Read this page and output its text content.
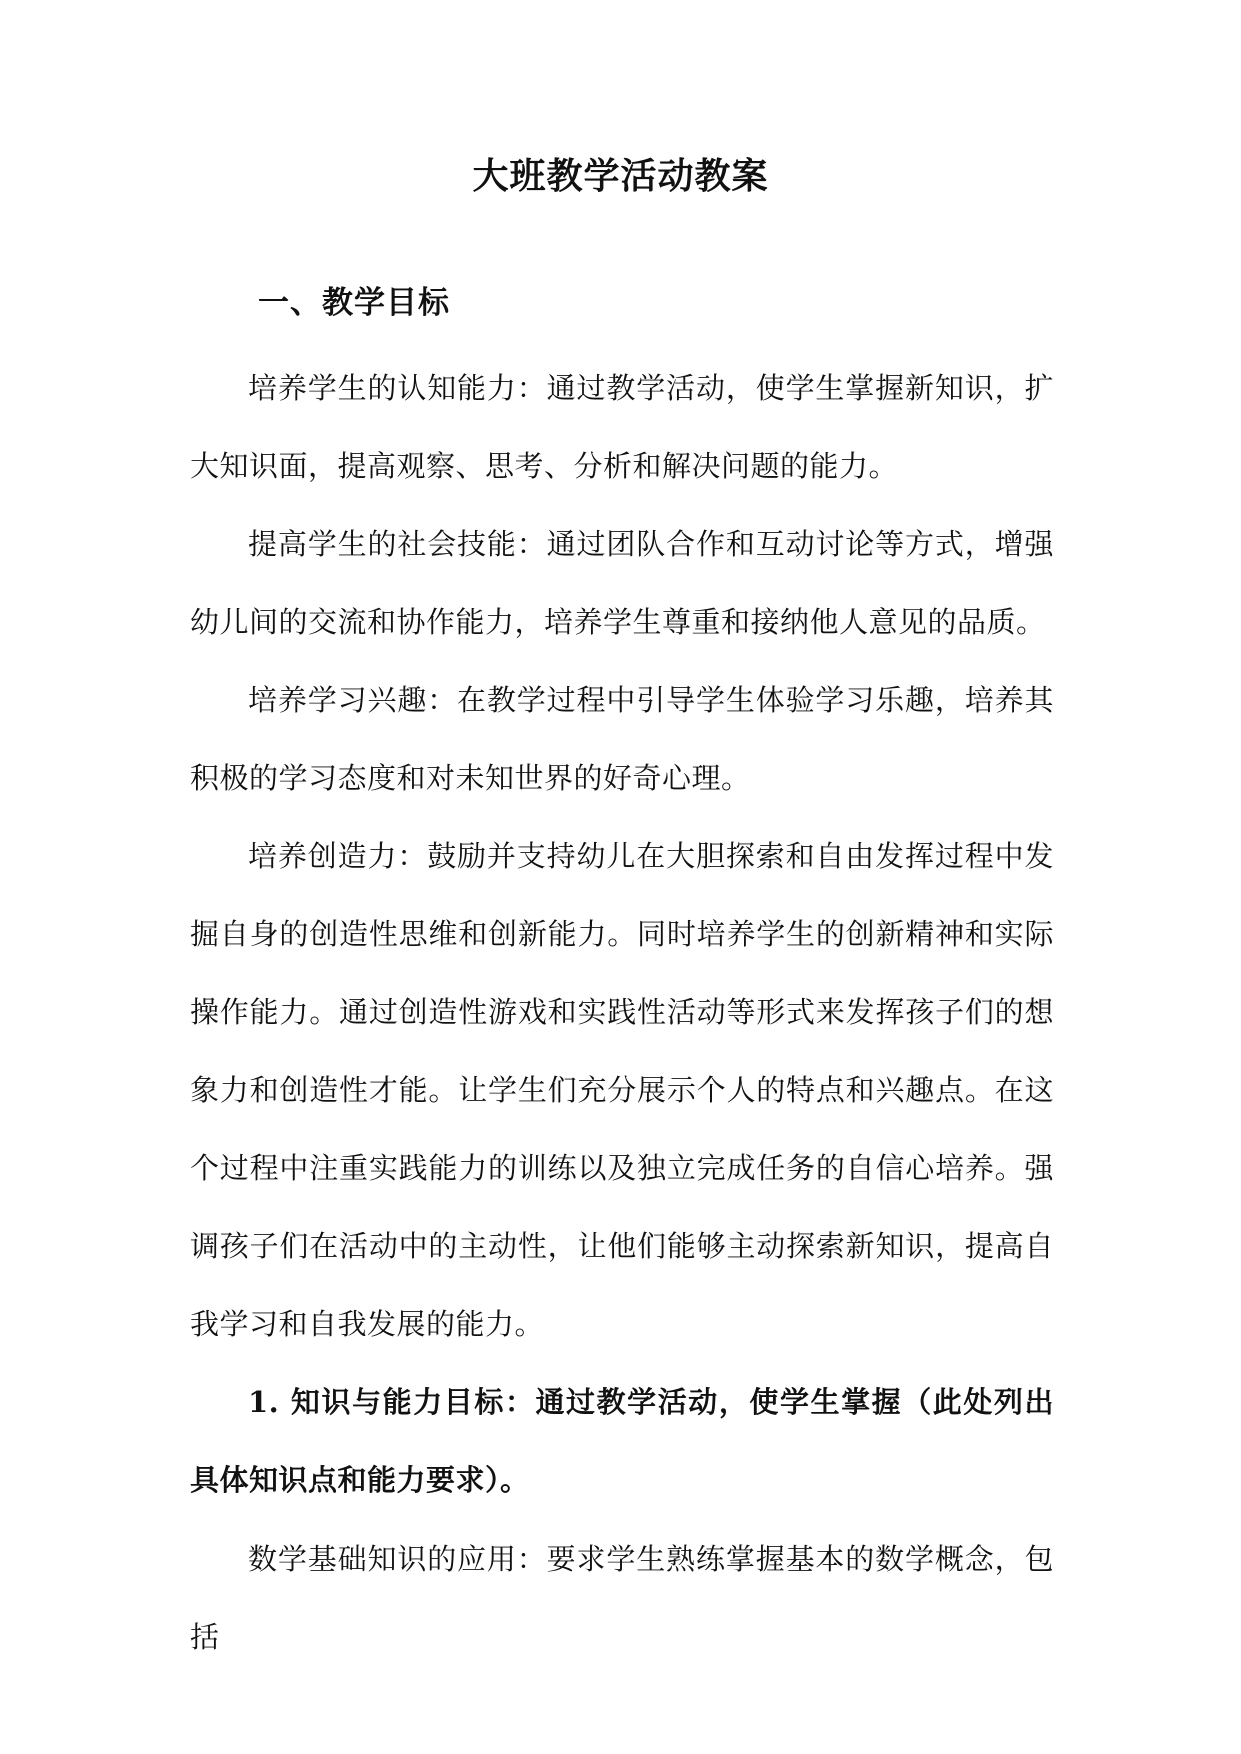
大班教学活动教案
一、教学目标

培养学生的认知能力：通过教学活动，使学生掌握新知识，扩大知识面，提高观察、思考、分析和解决问题的能力。

提高学生的社会技能：通过团队合作和互动讨论等方式，增强幼儿间的交流和协作能力，培养学生尊重和接纳他人意见的品质。

培养学习兴趣：在教学过程中引导学生体验学习乐趣，培养其积极的学习态度和对未知世界的好奇心理。

培养创造力：鼓励并支持幼儿在大胆探索和自由发挥过程中发掘自身的创造性思维和创新能力。同时培养学生的创新精神和实际操作能力。通过创造性游戏和实践性活动等形式来发挥孩子们的想象力和创造性才能。让学生们充分展示个人的特点和兴趣点。在这个过程中注重实践能力的训练以及独立完成任务的自信心培养。强调孩子们在活动中的主动性，让他们能够主动探索新知识，提高自我学习和自我发展的能力。

1. 知识与能力目标：通过教学活动，使学生掌握（此处列出具体知识点和能力要求）。

数学基础知识的应用：要求学生熟练掌握基本的数学概念，包括
